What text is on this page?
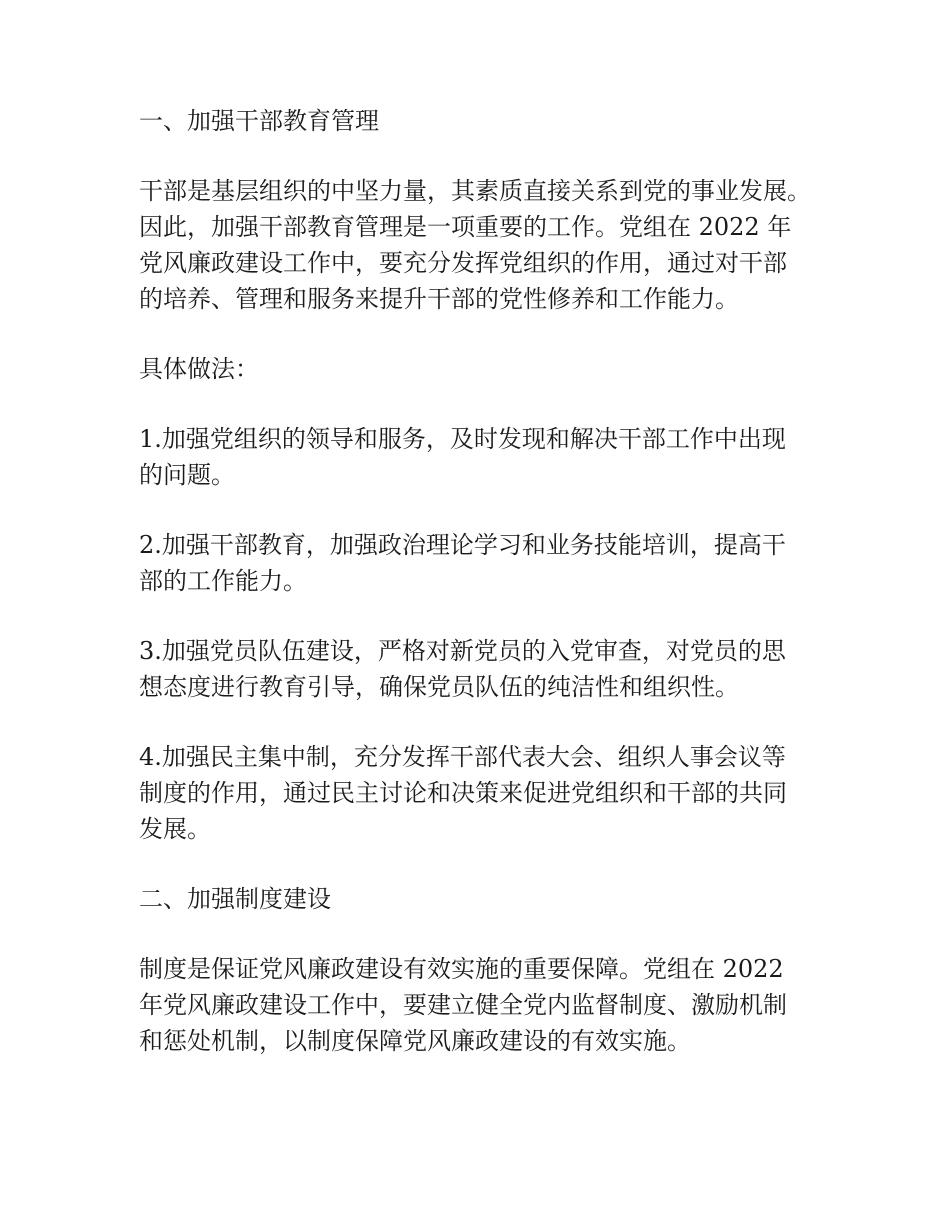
一、加强干部教育管理

干部是基层组织的中坚力量，其素质直接关系到党的事业发展。
因此，加强干部教育管理是一项重要的工作。党组在 2022 年
党风廉政建设工作中，要充分发挥党组织的作用，通过对干部
的培养、管理和服务来提升干部的党性修养和工作能力。

具体做法：

1.加强党组织的领导和服务，及时发现和解决干部工作中出现
的问题。

2.加强干部教育，加强政治理论学习和业务技能培训，提高干
部的工作能力。

3.加强党员队伍建设，严格对新党员的入党审查，对党员的思
想态度进行教育引导，确保党员队伍的纯洁性和组织性。

4.加强民主集中制，充分发挥干部代表大会、组织人事会议等
制度的作用，通过民主讨论和决策来促进党组织和干部的共同
发展。

二、加强制度建设

制度是保证党风廉政建设有效实施的重要保障。党组在 2022
年党风廉政建设工作中，要建立健全党内监督制度、激励机制
和惩处机制，以制度保障党风廉政建设的有效实施。
